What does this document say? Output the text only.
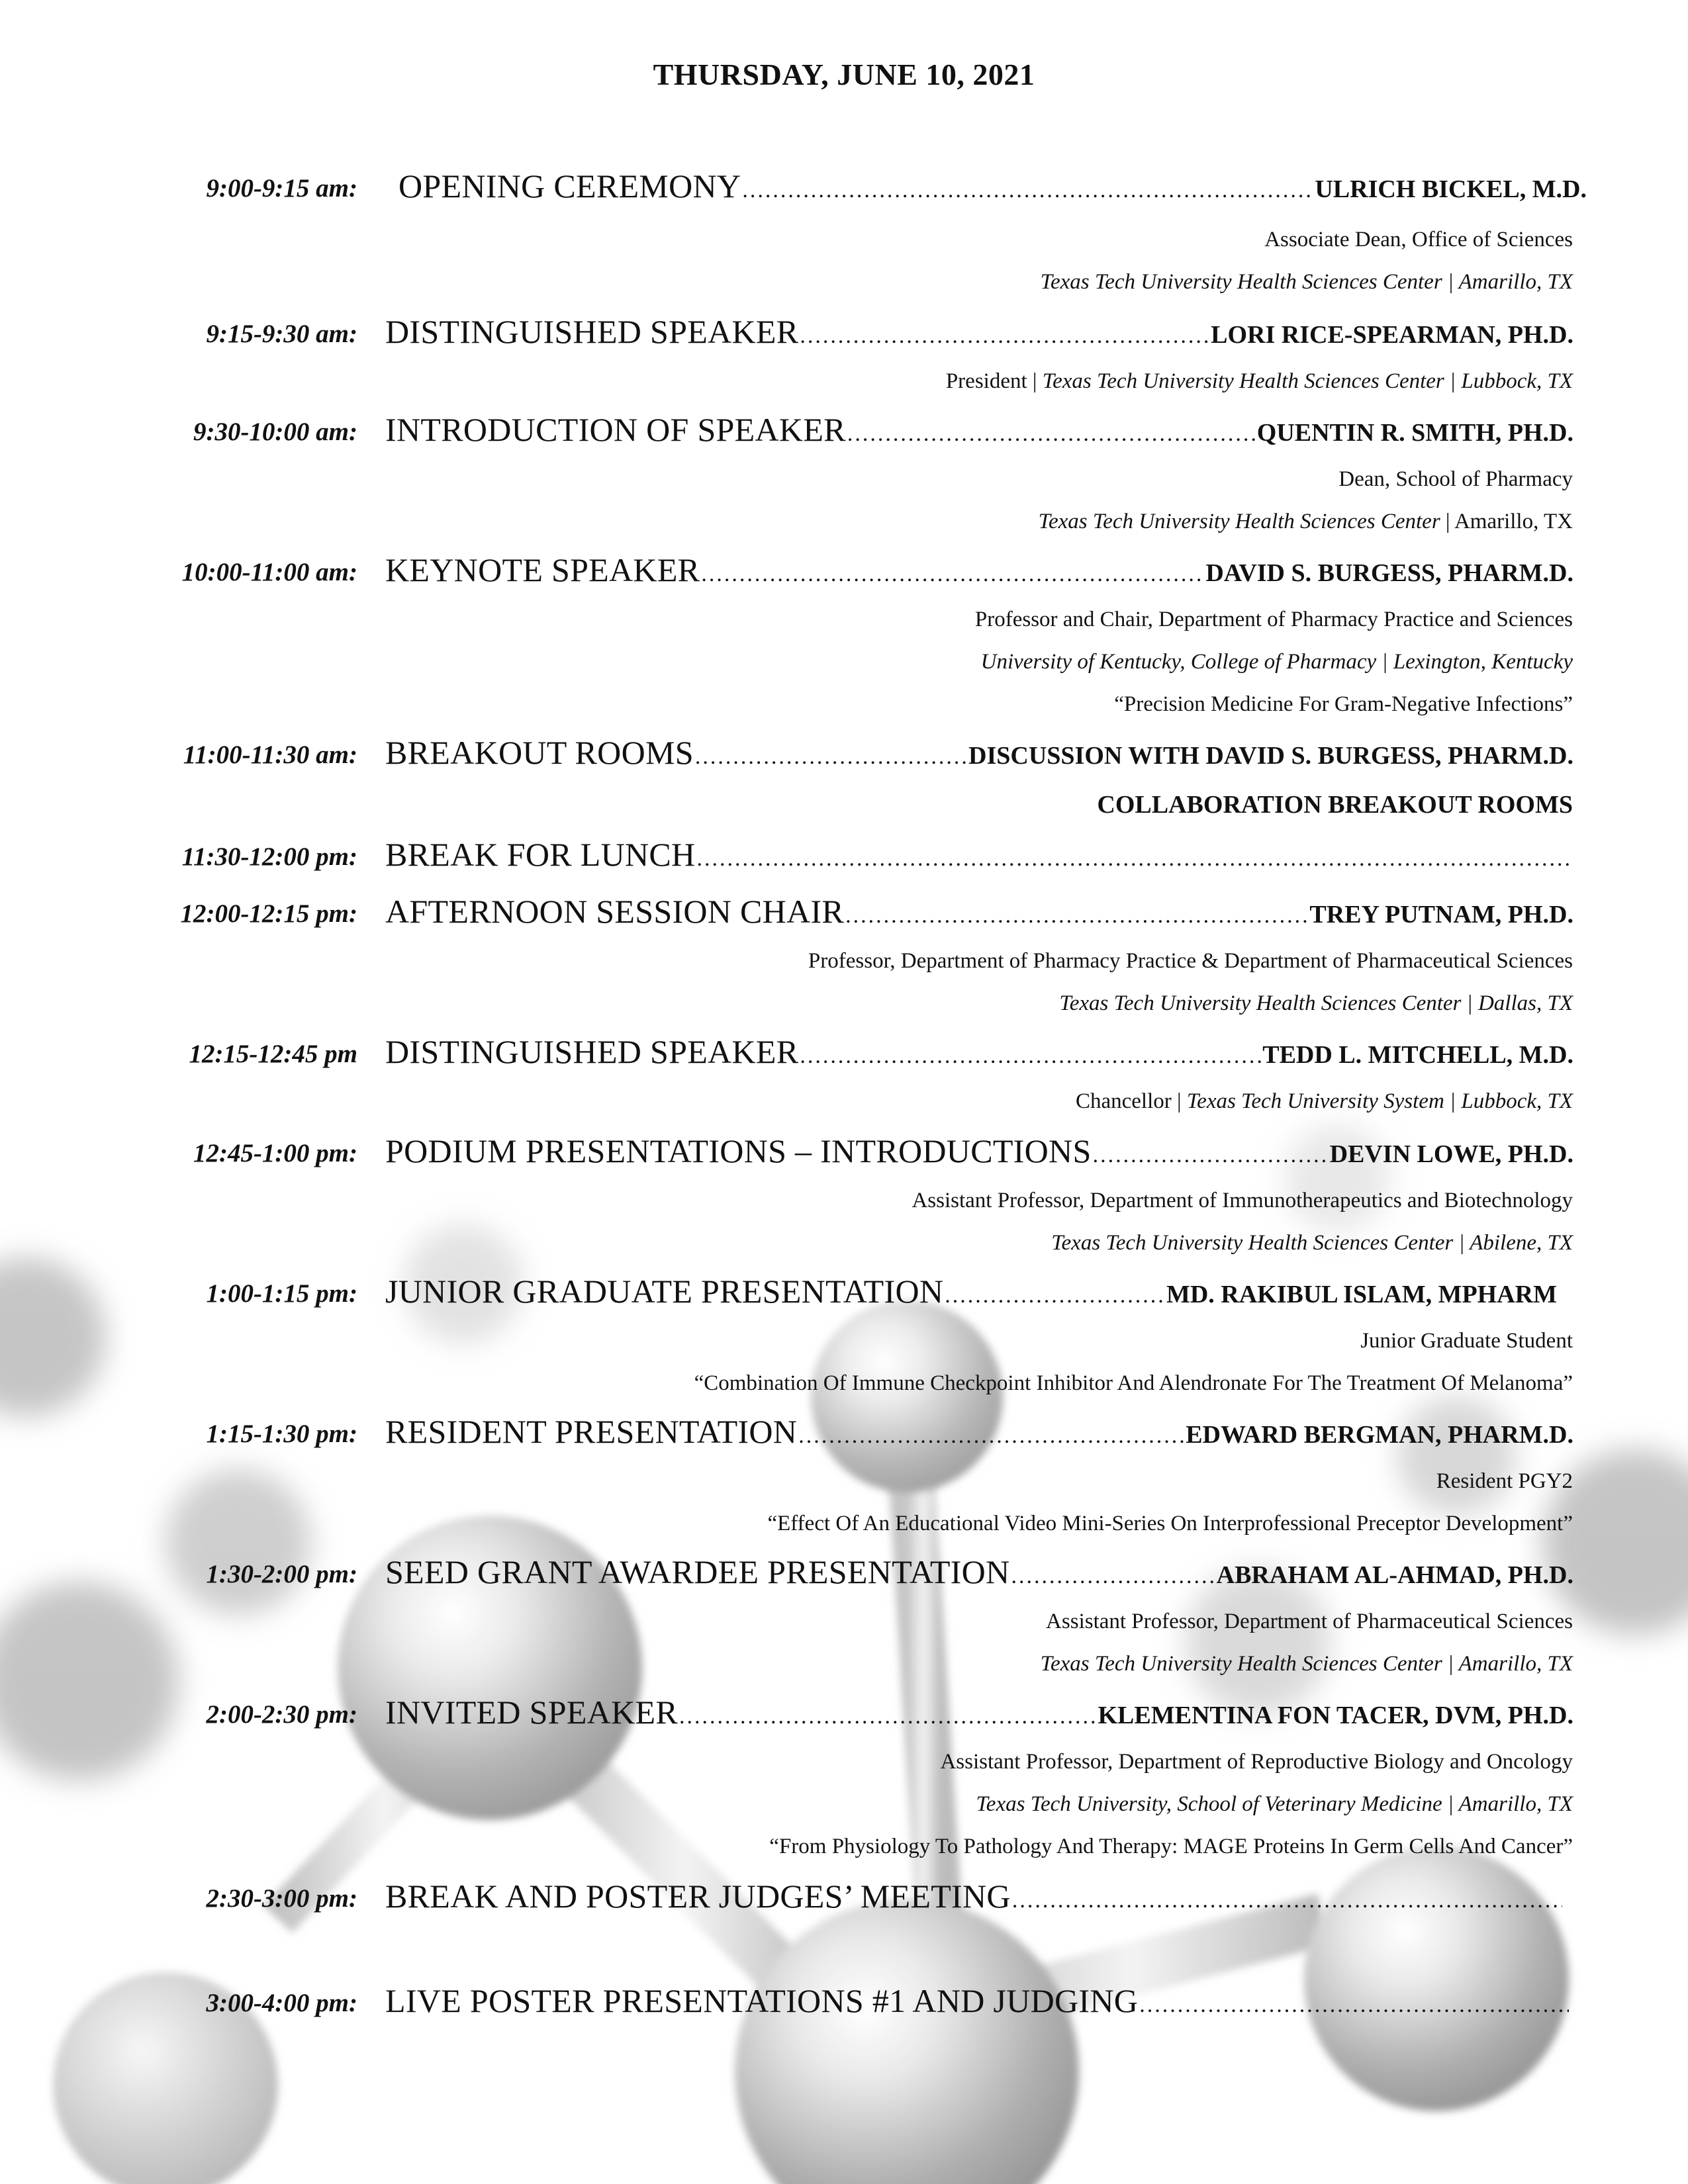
THURSDAY, JUNE 10, 2021
9:00-9:15 am: OPENING CEREMONY .....	ULRICH BICKEL, M.D.
Associate Dean, Office of Sciences
Texas Tech University Health Sciences Center | Amarillo, TX
9:15-9:30 am: DISTINGUISHED SPEAKER .....	LORI RICE-SPEARMAN, PH.D.
President | Texas Tech University Health Sciences Center | Lubbock, TX
9:30-10:00 am: INTRODUCTION OF SPEAKER .....	QUENTIN R. SMITH, PH.D.
Dean, School of Pharmacy
Texas Tech University Health Sciences Center | Amarillo, TX
10:00-11:00 am: KEYNOTE SPEAKER .....	DAVID S. BURGESS, PHARM.D.
Professor and Chair, Department of Pharmacy Practice and Sciences
University of Kentucky, College of Pharmacy | Lexington, Kentucky
“Precision Medicine For Gram-Negative Infections”
11:00-11:30 am: BREAKOUT ROOMS .....	DISCUSSION WITH DAVID S. BURGESS, PHARM.D.
COLLABORATION BREAKOUT ROOMS
11:30-12:00 pm: BREAK FOR LUNCH
.....
12:00-12:15 pm: AFTERNOON SESSION CHAIR .....	TREY PUTNAM, PH.D.
Professor, Department of Pharmacy Practice & Department of Pharmaceutical Sciences
Texas Tech University Health Sciences Center | Dallas, TX
12:15-12:45 pm DISTINGUISHED SPEAKER .....	TEDD L. MITCHELL, M.D.
Chancellor | Texas Tech University System | Lubbock, TX
12:45-1:00 pm: PODIUM PRESENTATIONS – INTRODUCTIONS .....	DEVIN LOWE, PH.D.
Assistant Professor, Department of Immunotherapeutics and Biotechnology
Texas Tech University Health Sciences Center | Abilene, TX
1:00-1:15 pm: JUNIOR GRADUATE PRESENTATION .....	MD. RAKIBUL ISLAM, MPHARM
Junior Graduate Student
“Combination Of Immune Checkpoint Inhibitor And Alendronate For The Treatment Of Melanoma”
1:15-1:30 pm: RESIDENT PRESENTATION .....	EDWARD BERGMAN, PHARM.D.
Resident PGY2
“Effect Of An Educational Video Mini-Series On Interprofessional Preceptor Development”
1:30-2:00 pm: SEED GRANT AWARDEE PRESENTATION .....	ABRAHAM AL-AHMAD, PH.D.
Assistant Professor, Department of Pharmaceutical Sciences
Texas Tech University Health Sciences Center | Amarillo, TX
2:00-2:30 pm: INVITED SPEAKER .....	KLEMENTINA FON TACER, DVM, PH.D.
Assistant Professor, Department of Reproductive Biology and Oncology
Texas Tech University, School of Veterinary Medicine | Amarillo, TX
“From Physiology To Pathology And Therapy: MAGE Proteins In Germ Cells And Cancer”
2:30-3:00 pm: BREAK AND POSTER JUDGES’ MEETING
.....
3:00-4:00 pm: LIVE POSTER PRESENTATIONS #1 AND JUDGING
.....
